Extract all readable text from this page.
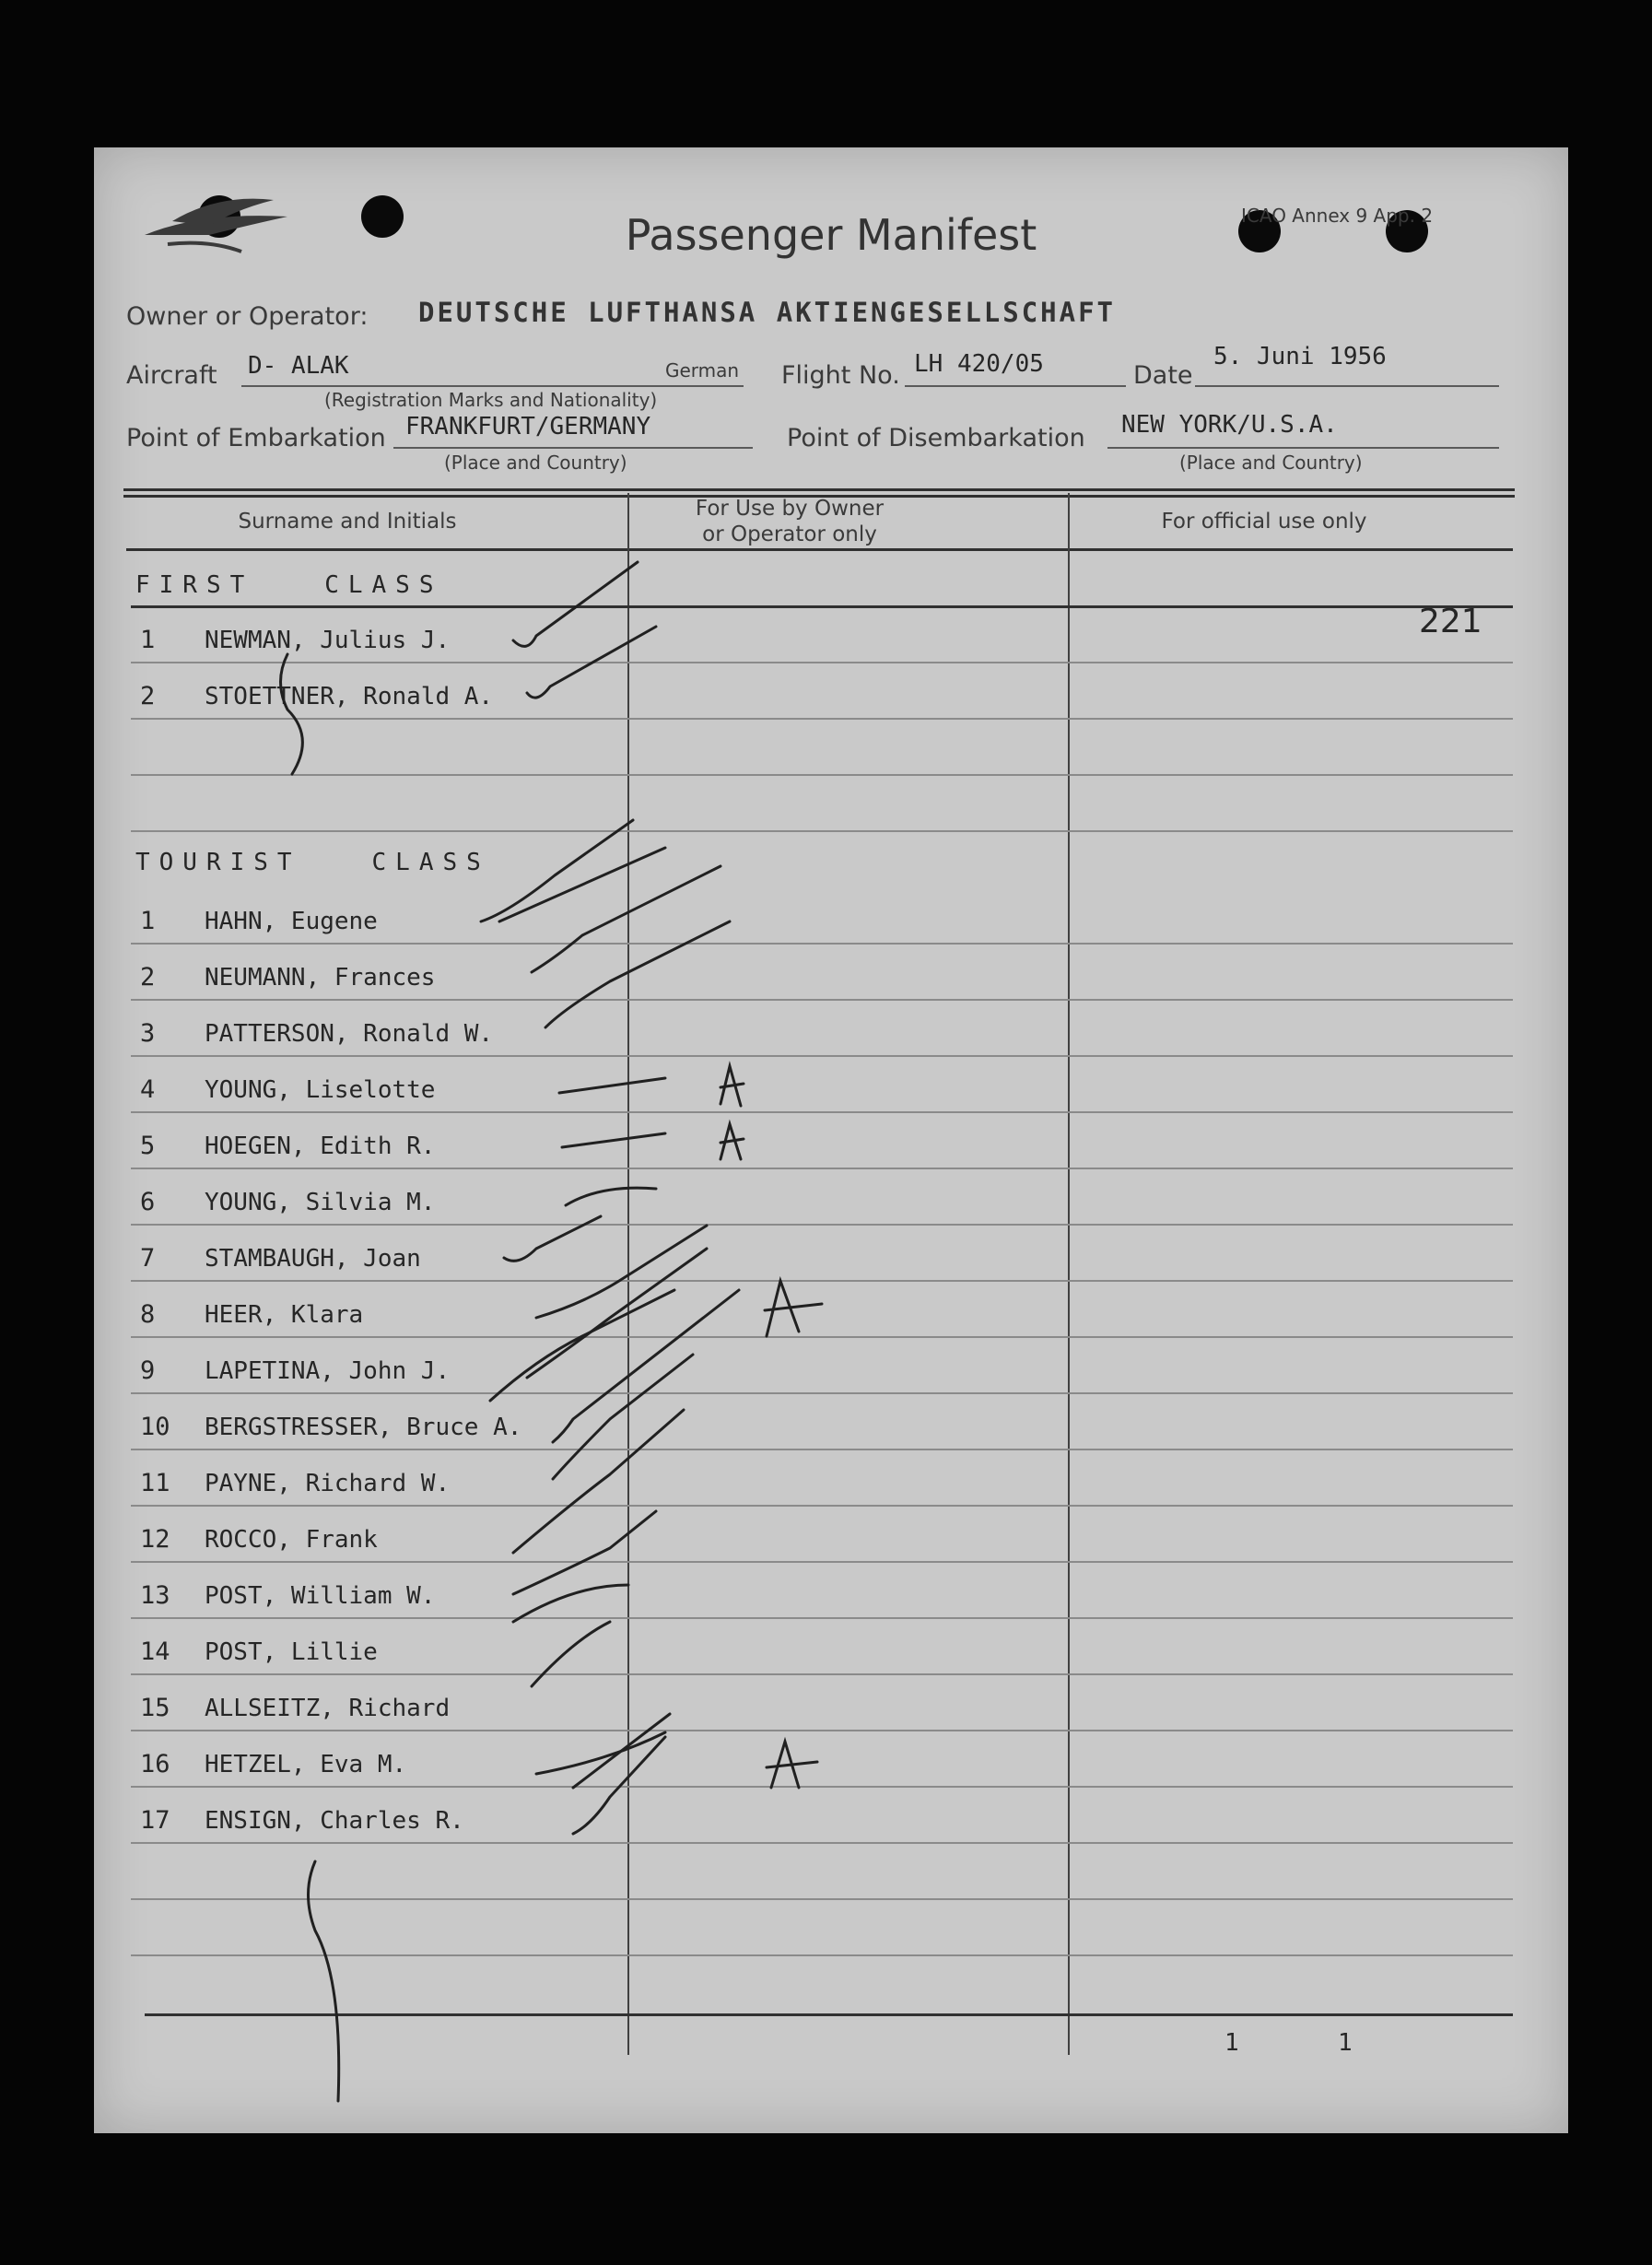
Passenger Manifest	ICAO Annex 9 App. 2
Owner or Operator: DEUTSCHE LUFTHANSA AKTIENGESELLSCHAFT
Aircraft D- ALAK	German
(Registration Marks and Nationality)
Flight No. LH 420/05	Date
5. Juni 1956
Point of Embarkation FRANKFURT/GERMANY
(Place and Country)
Point of Disembarkation NEW YORK/U.S.A.
(Place and Country)
Surname and Initials
For Use by Owner
or Operator only
For official use only
221
FIRST   CLASS
1 NEWMAN, Julius J.
2 STOETTNER, Ronald A.
TOURIST   CLASS
1 HAHN, Eugene
2 NEUMANN, Frances
3 PATTERSON, Ronald W.
4 YOUNG, Liselotte
5 HOEGEN, Edith R.
6 YOUNG, Silvia M.
7 STAMBAUGH, Joan
8 HEER, Klara
9 LAPETINA, John J.
10 BERGSTRESSER, Bruce A.
11 PAYNE, Richard W.
12 ROCCO, Frank
13 POST, William W.
14 POST, Lillie
15 ALLSEITZ, Richard
16 HETZEL, Eva M.
17 ENSIGN, Charles R.
1	1
